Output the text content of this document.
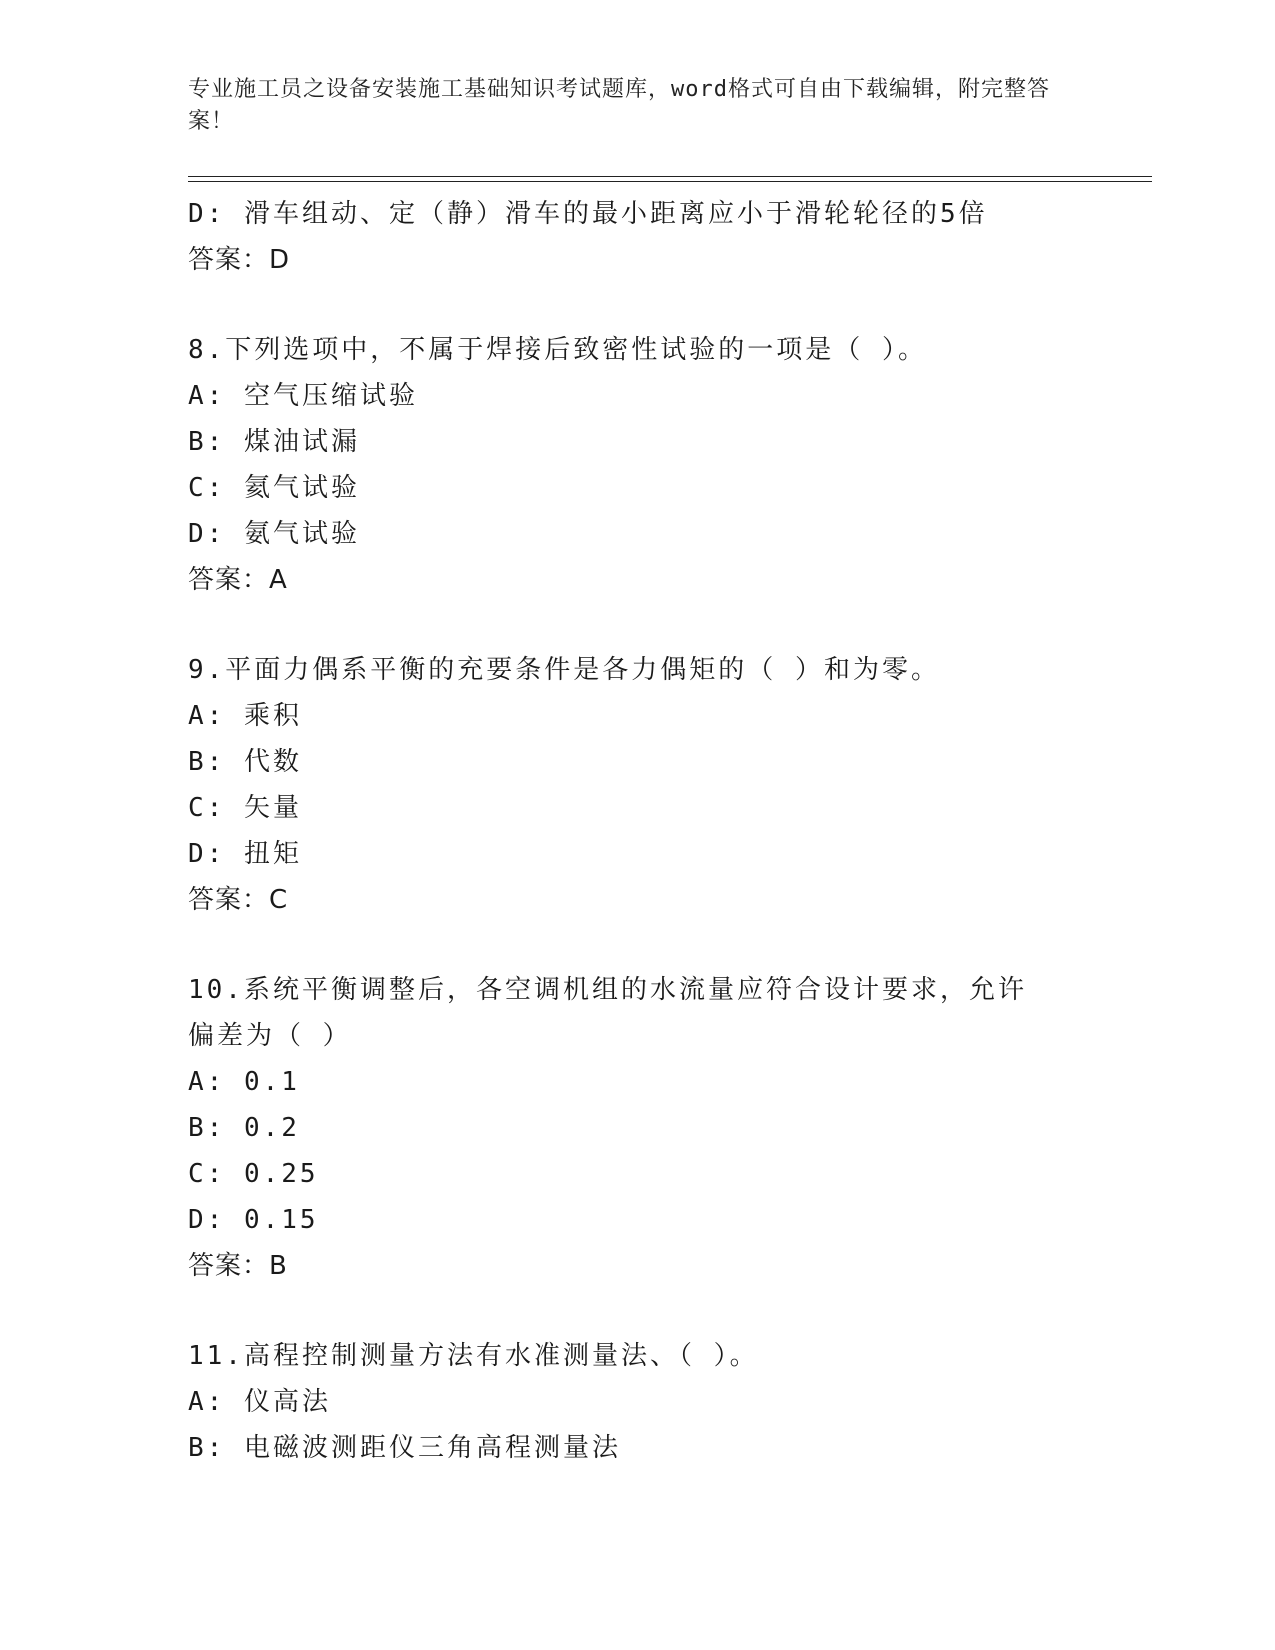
专业施工员之设备安装施工基础知识考试题库，word格式可自由下载编辑，附完整答案！
D: 滑车组动、定（静）滑车的最小距离应小于滑轮轮径的5倍
答案：D
8.下列选项中，不属于焊接后致密性试验的一项是（ ）。
A: 空气压缩试验
B: 煤油试漏
C: 氦气试验
D: 氨气试验
答案：A
9.平面力偶系平衡的充要条件是各力偶矩的（ ）和为零。
A: 乘积
B: 代数
C: 矢量
D: 扭矩
答案：C
10.系统平衡调整后，各空调机组的水流量应符合设计要求，允许偏差为（ ）
A: 0.1
B: 0.2
C: 0.25
D: 0.15
答案：B
11.高程控制测量方法有水准测量法、（ ）。
A: 仪高法
B: 电磁波测距仪三角高程测量法
